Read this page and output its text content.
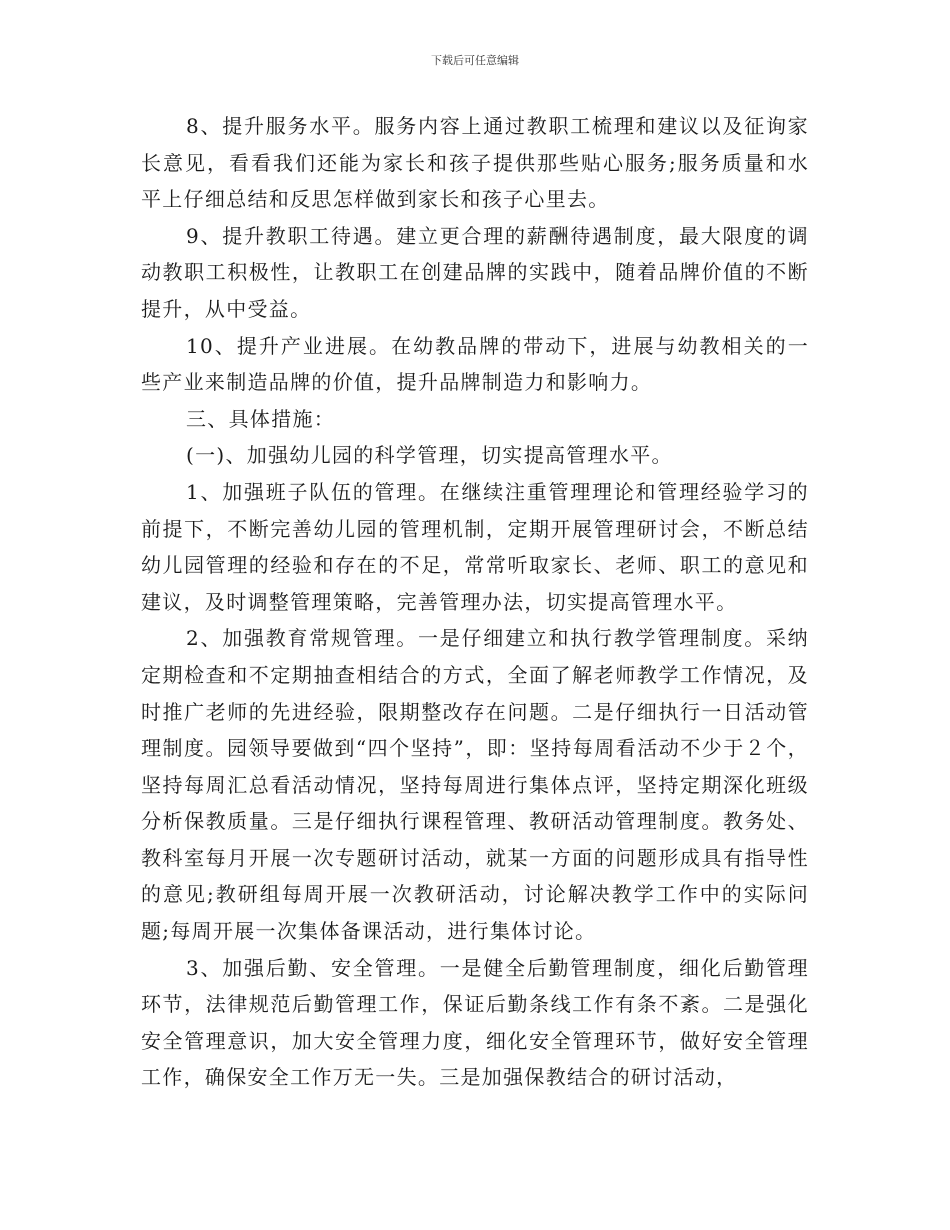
下载后可任意编辑

8、提升服务水平。服务内容上通过教职工梳理和建议以及征询家长意见，看看我们还能为家长和孩子提供那些贴心服务;服务质量和水平上仔细总结和反思怎样做到家长和孩子心里去。

9、提升教职工待遇。建立更合理的薪酬待遇制度，最大限度的调动教职工积极性，让教职工在创建品牌的实践中，随着品牌价值的不断提升，从中受益。

10、提升产业进展。在幼教品牌的带动下，进展与幼教相关的一些产业来制造品牌的价值，提升品牌制造力和影响力。

三、具体措施：

(一)、加强幼儿园的科学管理，切实提高管理水平。

1、加强班子队伍的管理。在继续注重管理理论和管理经验学习的前提下，不断完善幼儿园的管理机制，定期开展管理研讨会，不断总结幼儿园管理的经验和存在的不足，常常听取家长、老师、职工的意见和建议，及时调整管理策略，完善管理办法，切实提高管理水平。

2、加强教育常规管理。一是仔细建立和执行教学管理制度。采纳定期检查和不定期抽查相结合的方式，全面了解老师教学工作情况，及时推广老师的先进经验，限期整改存在问题。二是仔细执行一日活动管理制度。园领导要做到“四个坚持”，即：坚持每周看活动不少于２个，坚持每周汇总看活动情况，坚持每周进行集体点评，坚持定期深化班级分析保教质量。三是仔细执行课程管理、教研活动管理制度。教务处、教科室每月开展一次专题研讨活动，就某一方面的问题形成具有指导性的意见;教研组每周开展一次教研活动，讨论解决教学工作中的实际问题;每周开展一次集体备课活动，进行集体讨论。

3、加强后勤、安全管理。一是健全后勤管理制度，细化后勤管理环节，法律规范后勤管理工作，保证后勤条线工作有条不紊。二是强化安全管理意识，加大安全管理力度，细化安全管理环节，做好安全管理工作，确保安全工作万无一失。三是加强保教结合的研讨活动，
